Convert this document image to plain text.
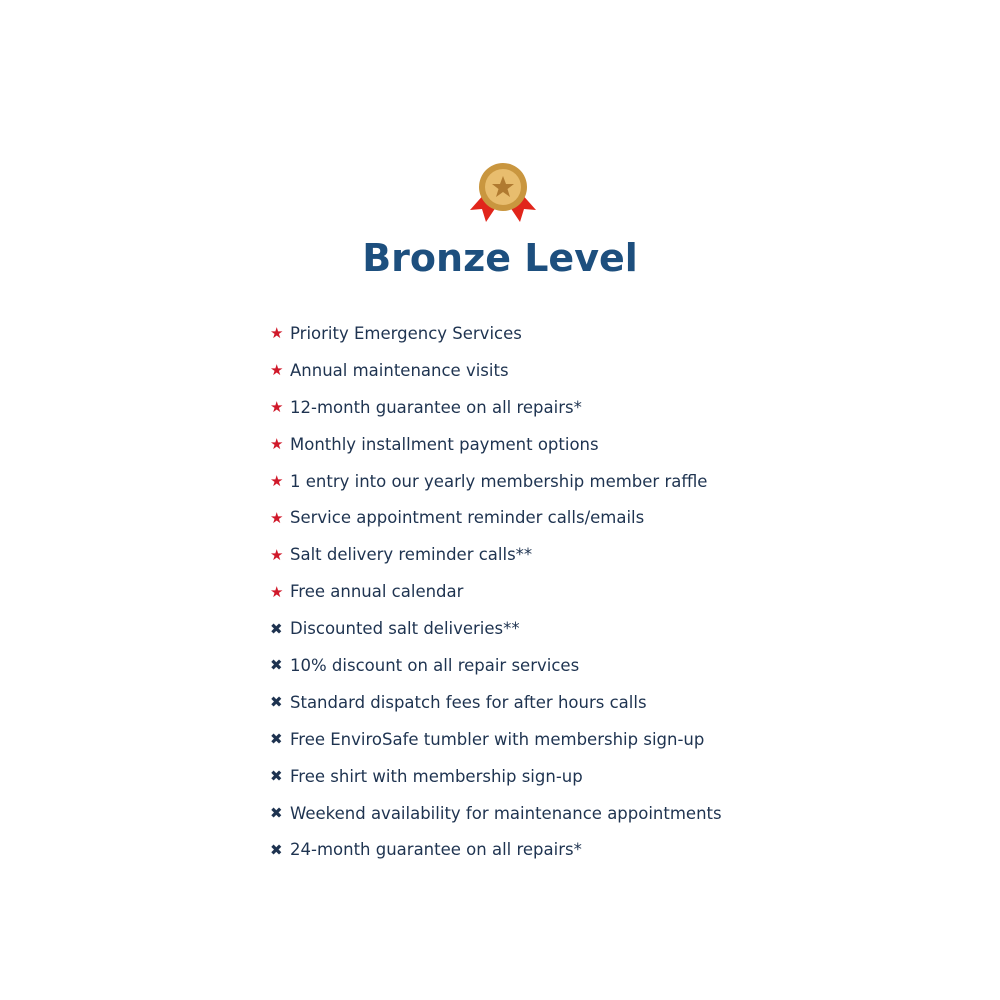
Bronze Level
★ Priority Emergency Services
★ Annual maintenance visits
★ 12-month guarantee on all repairs*
★ Monthly installment payment options
★ 1 entry into our yearly membership member raffle
★ Service appointment reminder calls/emails
★ Salt delivery reminder calls**
★ Free annual calendar
✖ Discounted salt deliveries**
✖ 10% discount on all repair services
✖ Standard dispatch fees for after hours calls
✖ Free EnviroSafe tumbler with membership sign-up
✖ Free shirt with membership sign-up
✖ Weekend availability for maintenance appointments
✖ 24-month guarantee on all repairs*
